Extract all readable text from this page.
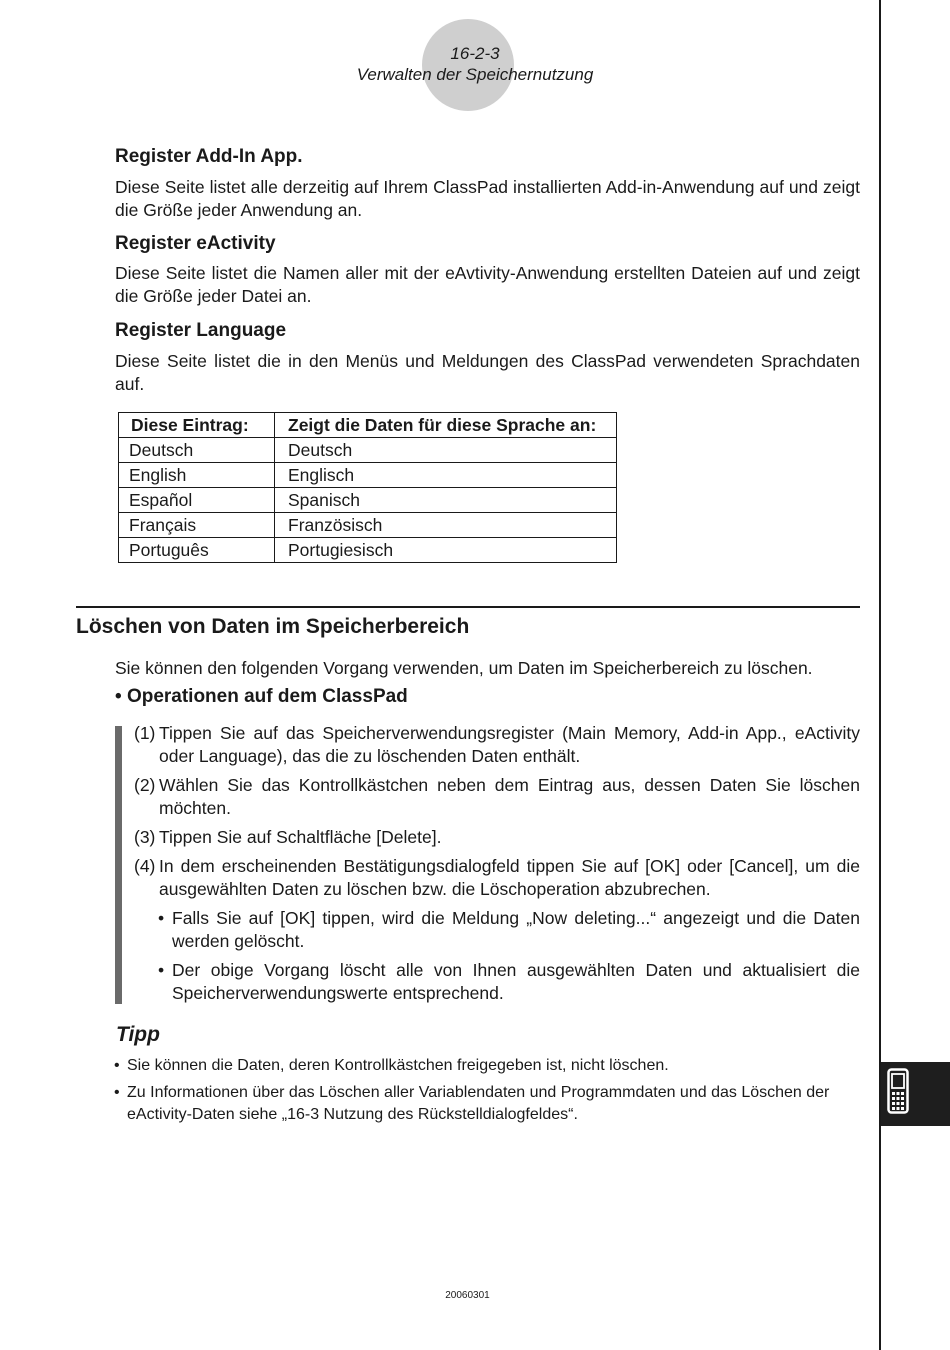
16-2-3
Verwalten der Speichernutzung
Register Add-In App.

Diese Seite listet alle derzeitig auf Ihrem ClassPad installierten Add-in-Anwendung auf und zeigt die Größe jeder Anwendung an.

Register eActivity

Diese Seite listet die Namen aller mit der eAvtivity-Anwendung erstellten Dateien auf und zeigt die Größe jeder Datei an.

Register Language

Diese Seite listet die in den Menüs und Meldungen des ClassPad verwendeten Sprachdaten auf.

Diese Eintrag:	Zeigt die Daten für diese Sprache an:
Deutsch	Deutsch
English	Englisch
Español	Spanisch
Français	Französisch
Português	Portugiesisch
Löschen von Daten im Speicherbereich

Sie können den folgenden Vorgang verwenden, um Daten im Speicherbereich zu löschen.

• Operationen auf dem ClassPad
(1) Tippen Sie auf das Speicherverwendungsregister (Main Memory, Add-in App., eActivity oder Language), das die zu löschenden Daten enthält.
(2) Wählen Sie das Kontrollkästchen neben dem Eintrag aus, dessen Daten Sie löschen möchten.
(3) Tippen Sie auf Schaltfläche [Delete].
(4) In dem erscheinenden Bestätigungsdialogfeld tippen Sie auf [OK] oder [Cancel], um die ausgewählten Daten zu löschen bzw. die Löschoperation abzubrechen.
• Falls Sie auf [OK] tippen, wird die Meldung „Now deleting...“ angezeigt und die Daten werden gelöscht.
• Der obige Vorgang löscht alle von Ihnen ausgewählten Daten und aktualisiert die Speicherverwendungswerte entsprechend.
Tipp
• Sie können die Daten, deren Kontrollkästchen freigegeben ist, nicht löschen.
• Zu Informationen über das Löschen aller Variablendaten und Programmdaten und das Löschen der eActivity-Daten siehe „16-3 Nutzung des Rückstelldialogfeldes“.
20060301
